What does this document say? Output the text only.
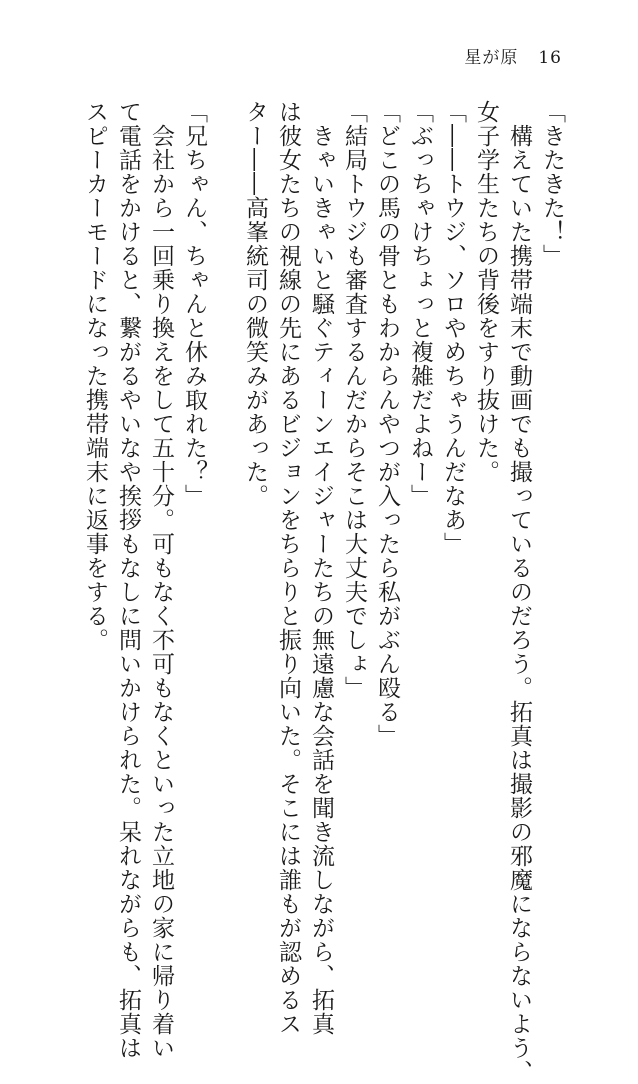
星が原 16
「きたきた！」
　構えていた携帯端末で動画でも撮っているのだろう。拓真は撮影の邪魔にならないよう、
女子学生たちの背後をすり抜けた。
「――トウジ、ソロやめちゃうんだなあ」
「ぶっちゃけちょっと複雑だよねー」
「どこの馬の骨ともわからんやつが入ったら私がぶん殴る」
「結局トウジも審査するんだからそこは大丈夫でしょ」
　きゃいきゃいと騒ぐティーンエイジャーたちの無遠慮な会話を聞き流しながら、拓真
は彼女たちの視線の先にあるビジョンをちらりと振り向いた。そこには誰もが認めるス
ター――高峯統司の微笑みがあった。
「兄ちゃん、ちゃんと休み取れた？」
　会社から一回乗り換えをして五十分。可もなく不可もなくといった立地の家に帰り着い
て電話をかけると、繋がるやいなや挨拶もなしに問いかけられた。呆れながらも、拓真は
スピーカーモードになった携帯端末に返事をする。
